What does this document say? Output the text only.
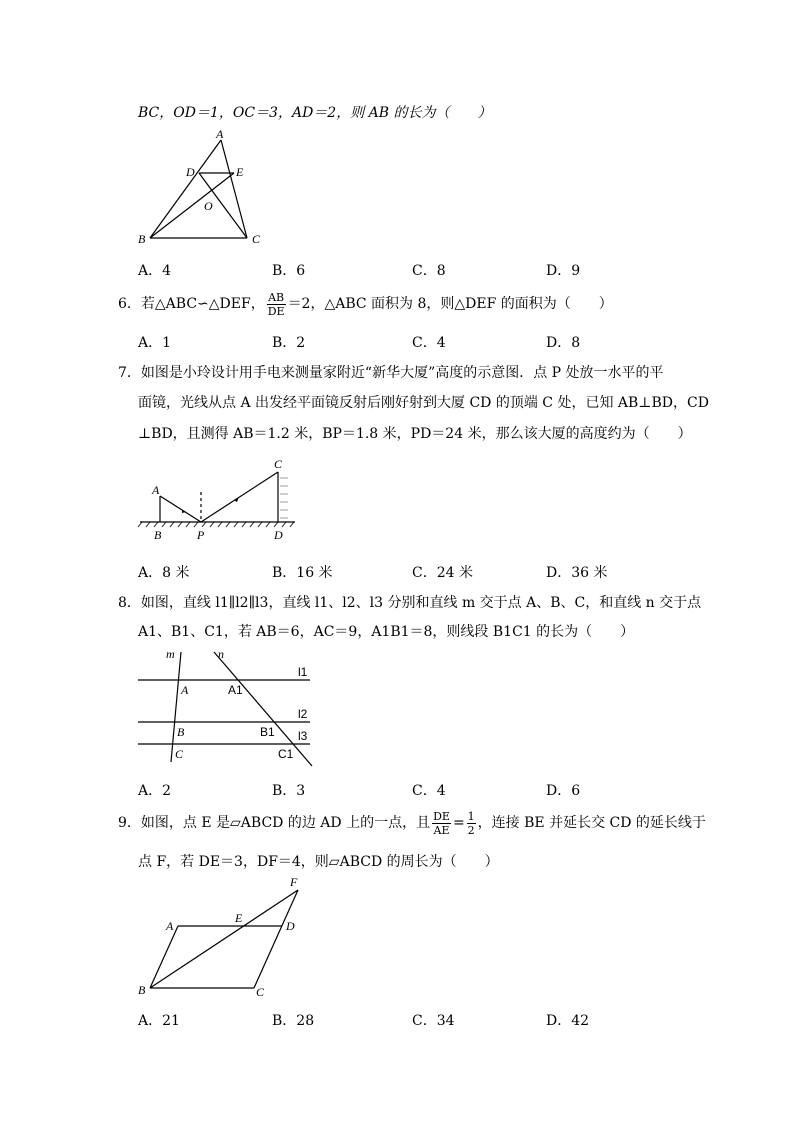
BC，OD＝1，OC＝3，AD＝2，则 AB 的长为（　　）
A
B	C
D	E
O
A．4	B．6	C．8	D．9
6．若△ABC∽△DEF， $\frac{AB}{DE} =2$，△ABC 面积为 8，则△DEF 的面积为（　　）
A．1	B．2	C．4	D．8
7．如图是小玲设计用手电来测量家附近“新华大厦”高度的示意图．点 P 处放一水平的平
面镜，光线从点 A 出发经平面镜反射后刚好射到大厦 CD 的顶端 C 处，已知 AB⊥BD，CD
⊥BD，且测得 AB＝1.2 米，BP＝1.8 米，PD＝24 米，那么该大厦的高度约为（　　）
A
B	P
C
D
A．8 米	B．16 米	C．24 米	D．36 米
8．如图，直线 l1∥l2∥l3，直线 l1、l2、l3 分别和直线 m 交于点 A、B、C，和直线 n 交于点
A1、B1、C1，若 AB＝6，AC＝9，A1B1＝8，则线段 B1C1 的长为（　　）
m	n
A
B
C
A1
B1
C1
l1
l2
l3
A．2	B．3	C．4	D．6
9．如图，点 E 是▱ABCD 的边 AD 上的一点，且 $\frac{DE}{AE} = \frac{1}{2}$ ，连接 BE 并延长交 CD 的延长线于
点 F，若 DE＝3，DF＝4，则▱ABCD 的周长为（　　）
A
B	C
D
E
F
A．21	B．28	C．34	D．42
